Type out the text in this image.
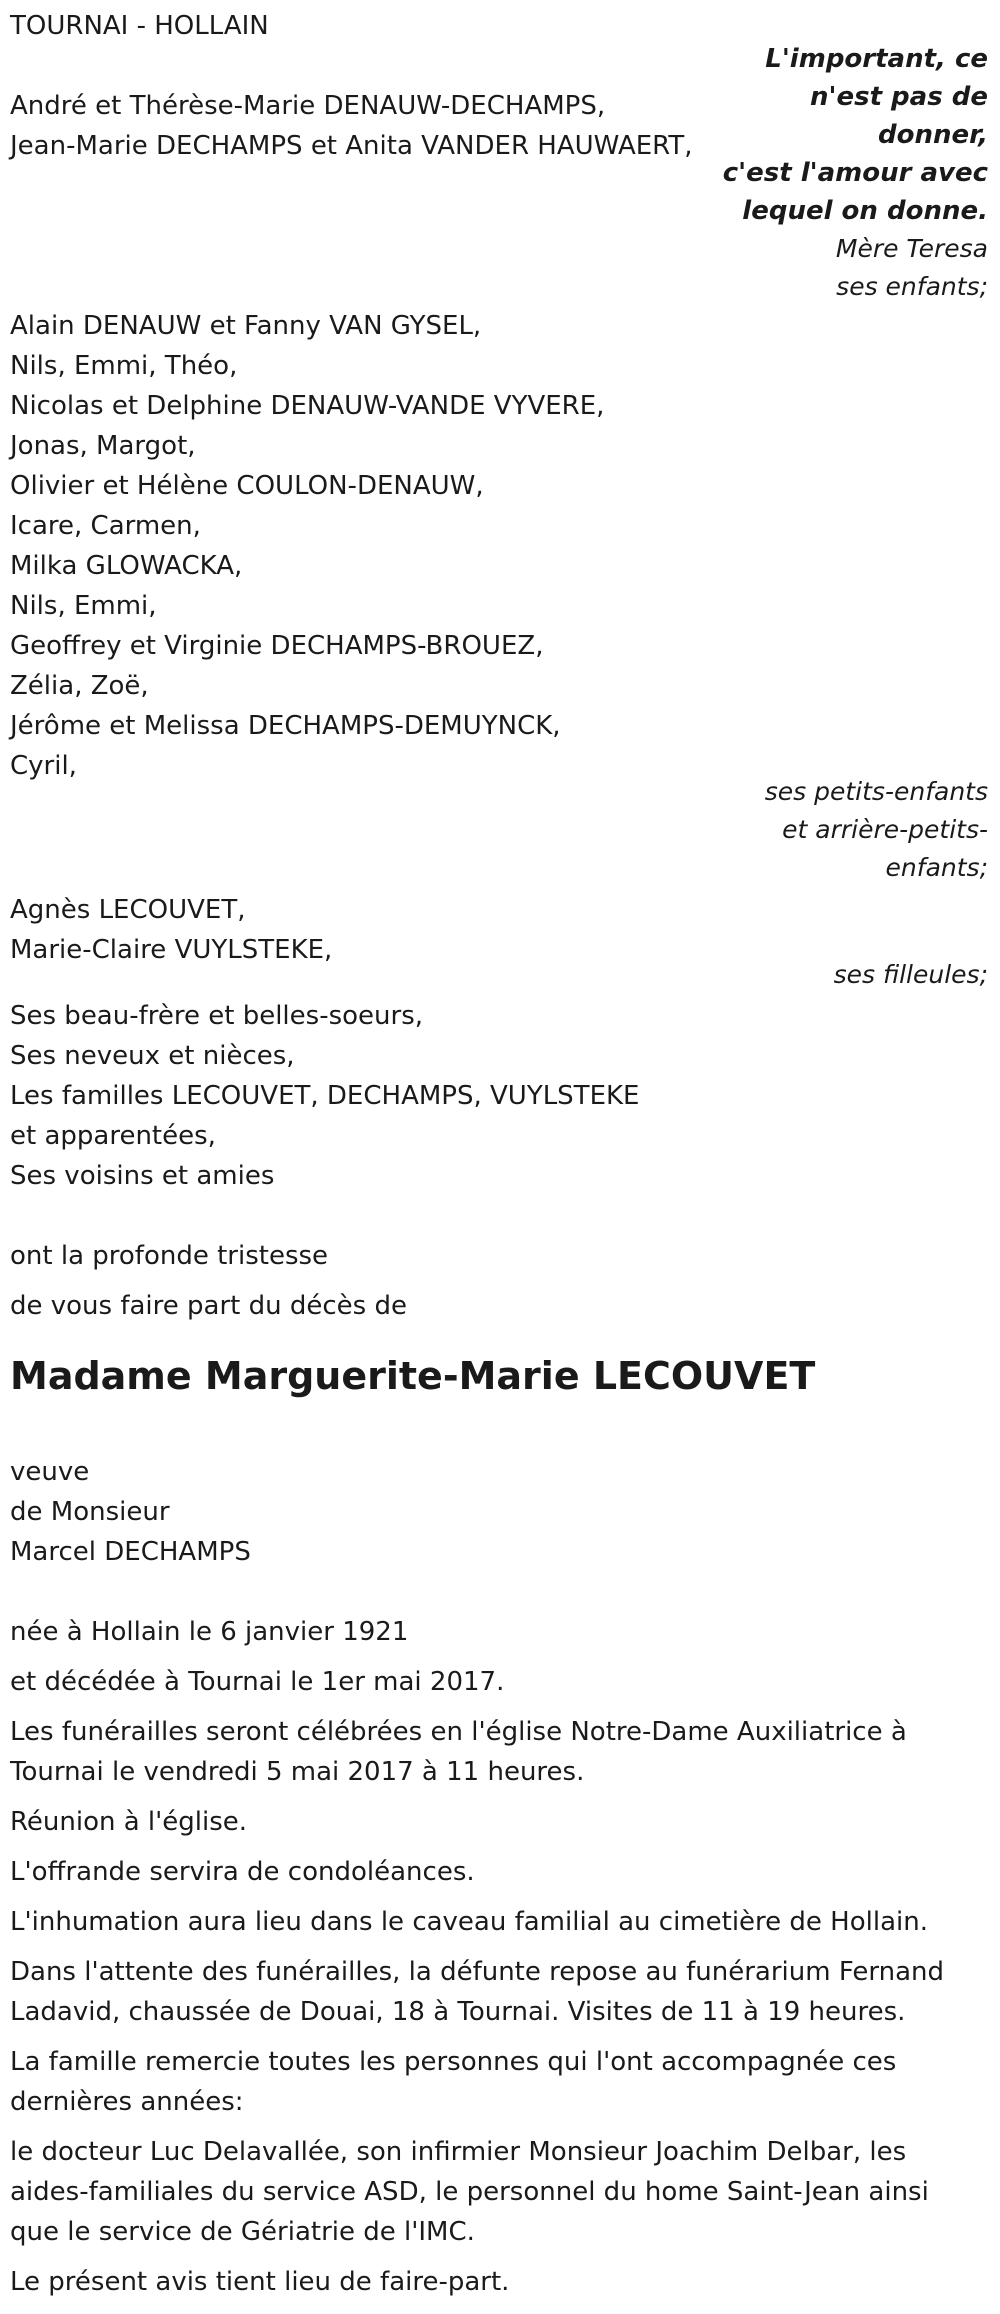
TOURNAI - HOLLAIN
L'important, ce
n'est pas de
donner,
c'est l'amour avec
lequel on donne.
Mère Teresa
ses enfants;
André et Thérèse-Marie DENAUW-DECHAMPS,
Jean-Marie DECHAMPS et Anita VANDER HAUWAERT,
Alain DENAUW et Fanny VAN GYSEL,
Nils, Emmi, Théo,
Nicolas et Delphine DENAUW-VANDE VYVERE,
Jonas, Margot,
Olivier et Hélène COULON-DENAUW,
Icare, Carmen,
Milka GLOWACKA,
Nils, Emmi,
Geoffrey et Virginie DECHAMPS-BROUEZ,
Zélia, Zoë,
Jérôme et Melissa DECHAMPS-DEMUYNCK,
Cyril,
ses petits-enfants
et arrière-petits-
enfants;
Agnès LECOUVET,
Marie-Claire VUYLSTEKE,
ses filleules;
Ses beau-frère et belles-soeurs,
Ses neveux et nièces,
Les familles LECOUVET, DECHAMPS, VUYLSTEKE
et apparentées,
Ses voisins et amies
ont la profonde tristesse
de vous faire part du décès de
Madame Marguerite-Marie LECOUVET
veuve
de Monsieur
Marcel DECHAMPS
née à Hollain le 6 janvier 1921
et décédée à Tournai le 1er mai 2017.
Les funérailles seront célébrées en l'église Notre-Dame Auxiliatrice à Tournai le vendredi 5 mai 2017 à 11 heures.
Réunion à l'église.
L'offrande servira de condoléances.
L'inhumation aura lieu dans le caveau familial au cimetière de Hollain.
Dans l'attente des funérailles, la défunte repose au funérarium Fernand Ladavid, chaussée de Douai, 18 à Tournai. Visites de 11 à 19 heures.
La famille remercie toutes les personnes qui l'ont accompagnée ces dernières années:
le docteur Luc Delavallée, son infirmier Monsieur Joachim Delbar, les aides-familiales du service ASD, le personnel du home Saint-Jean ainsi que le service de Gériatrie de l'IMC.
Le présent avis tient lieu de faire-part.
